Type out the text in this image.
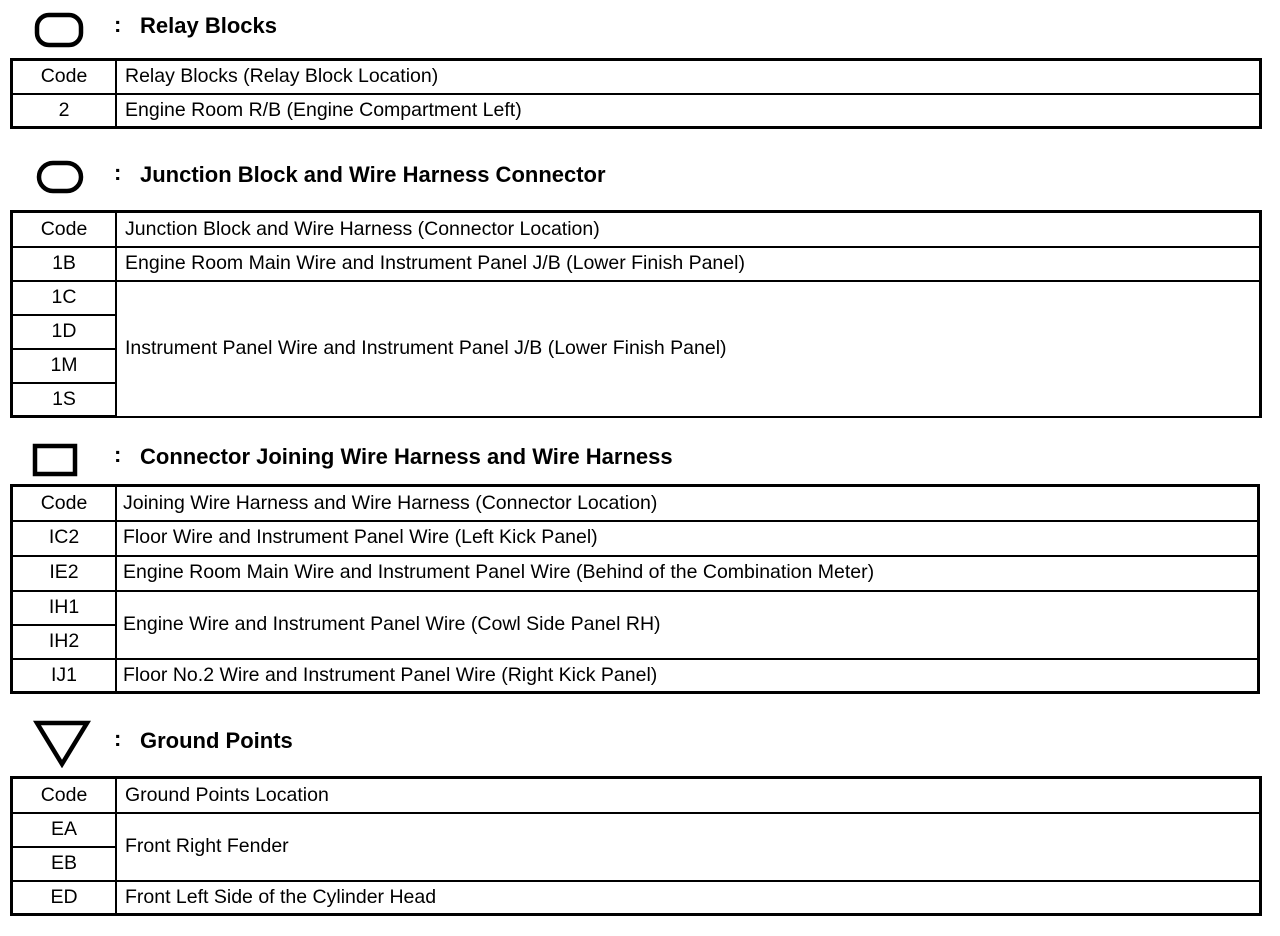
: Relay Blocks
Code	Relay Blocks (Relay Block Location)
2	Engine Room R/B (Engine Compartment Left)
: Junction Block and Wire Harness Connector
Code	Junction Block and Wire Harness (Connector Location)
1B	Engine Room Main Wire and Instrument Panel J/B (Lower Finish Panel)
1C	Instrument Panel Wire and Instrument Panel J/B (Lower Finish Panel)
1D	
1M	
1S	
: Connector Joining Wire Harness and Wire Harness
Code	Joining Wire Harness and Wire Harness (Connector Location)
IC2	Floor Wire and Instrument Panel Wire (Left Kick Panel)
IE2	Engine Room Main Wire and Instrument Panel Wire (Behind of the Combination Meter)
IH1	Engine Wire and Instrument Panel Wire (Cowl Side Panel RH)
IH2	
IJ1	Floor No.2 Wire and Instrument Panel Wire (Right Kick Panel)
: Ground Points
Code	Ground Points Location
EA	Front Right Fender
EB	
ED	Front Left Side of the Cylinder Head
